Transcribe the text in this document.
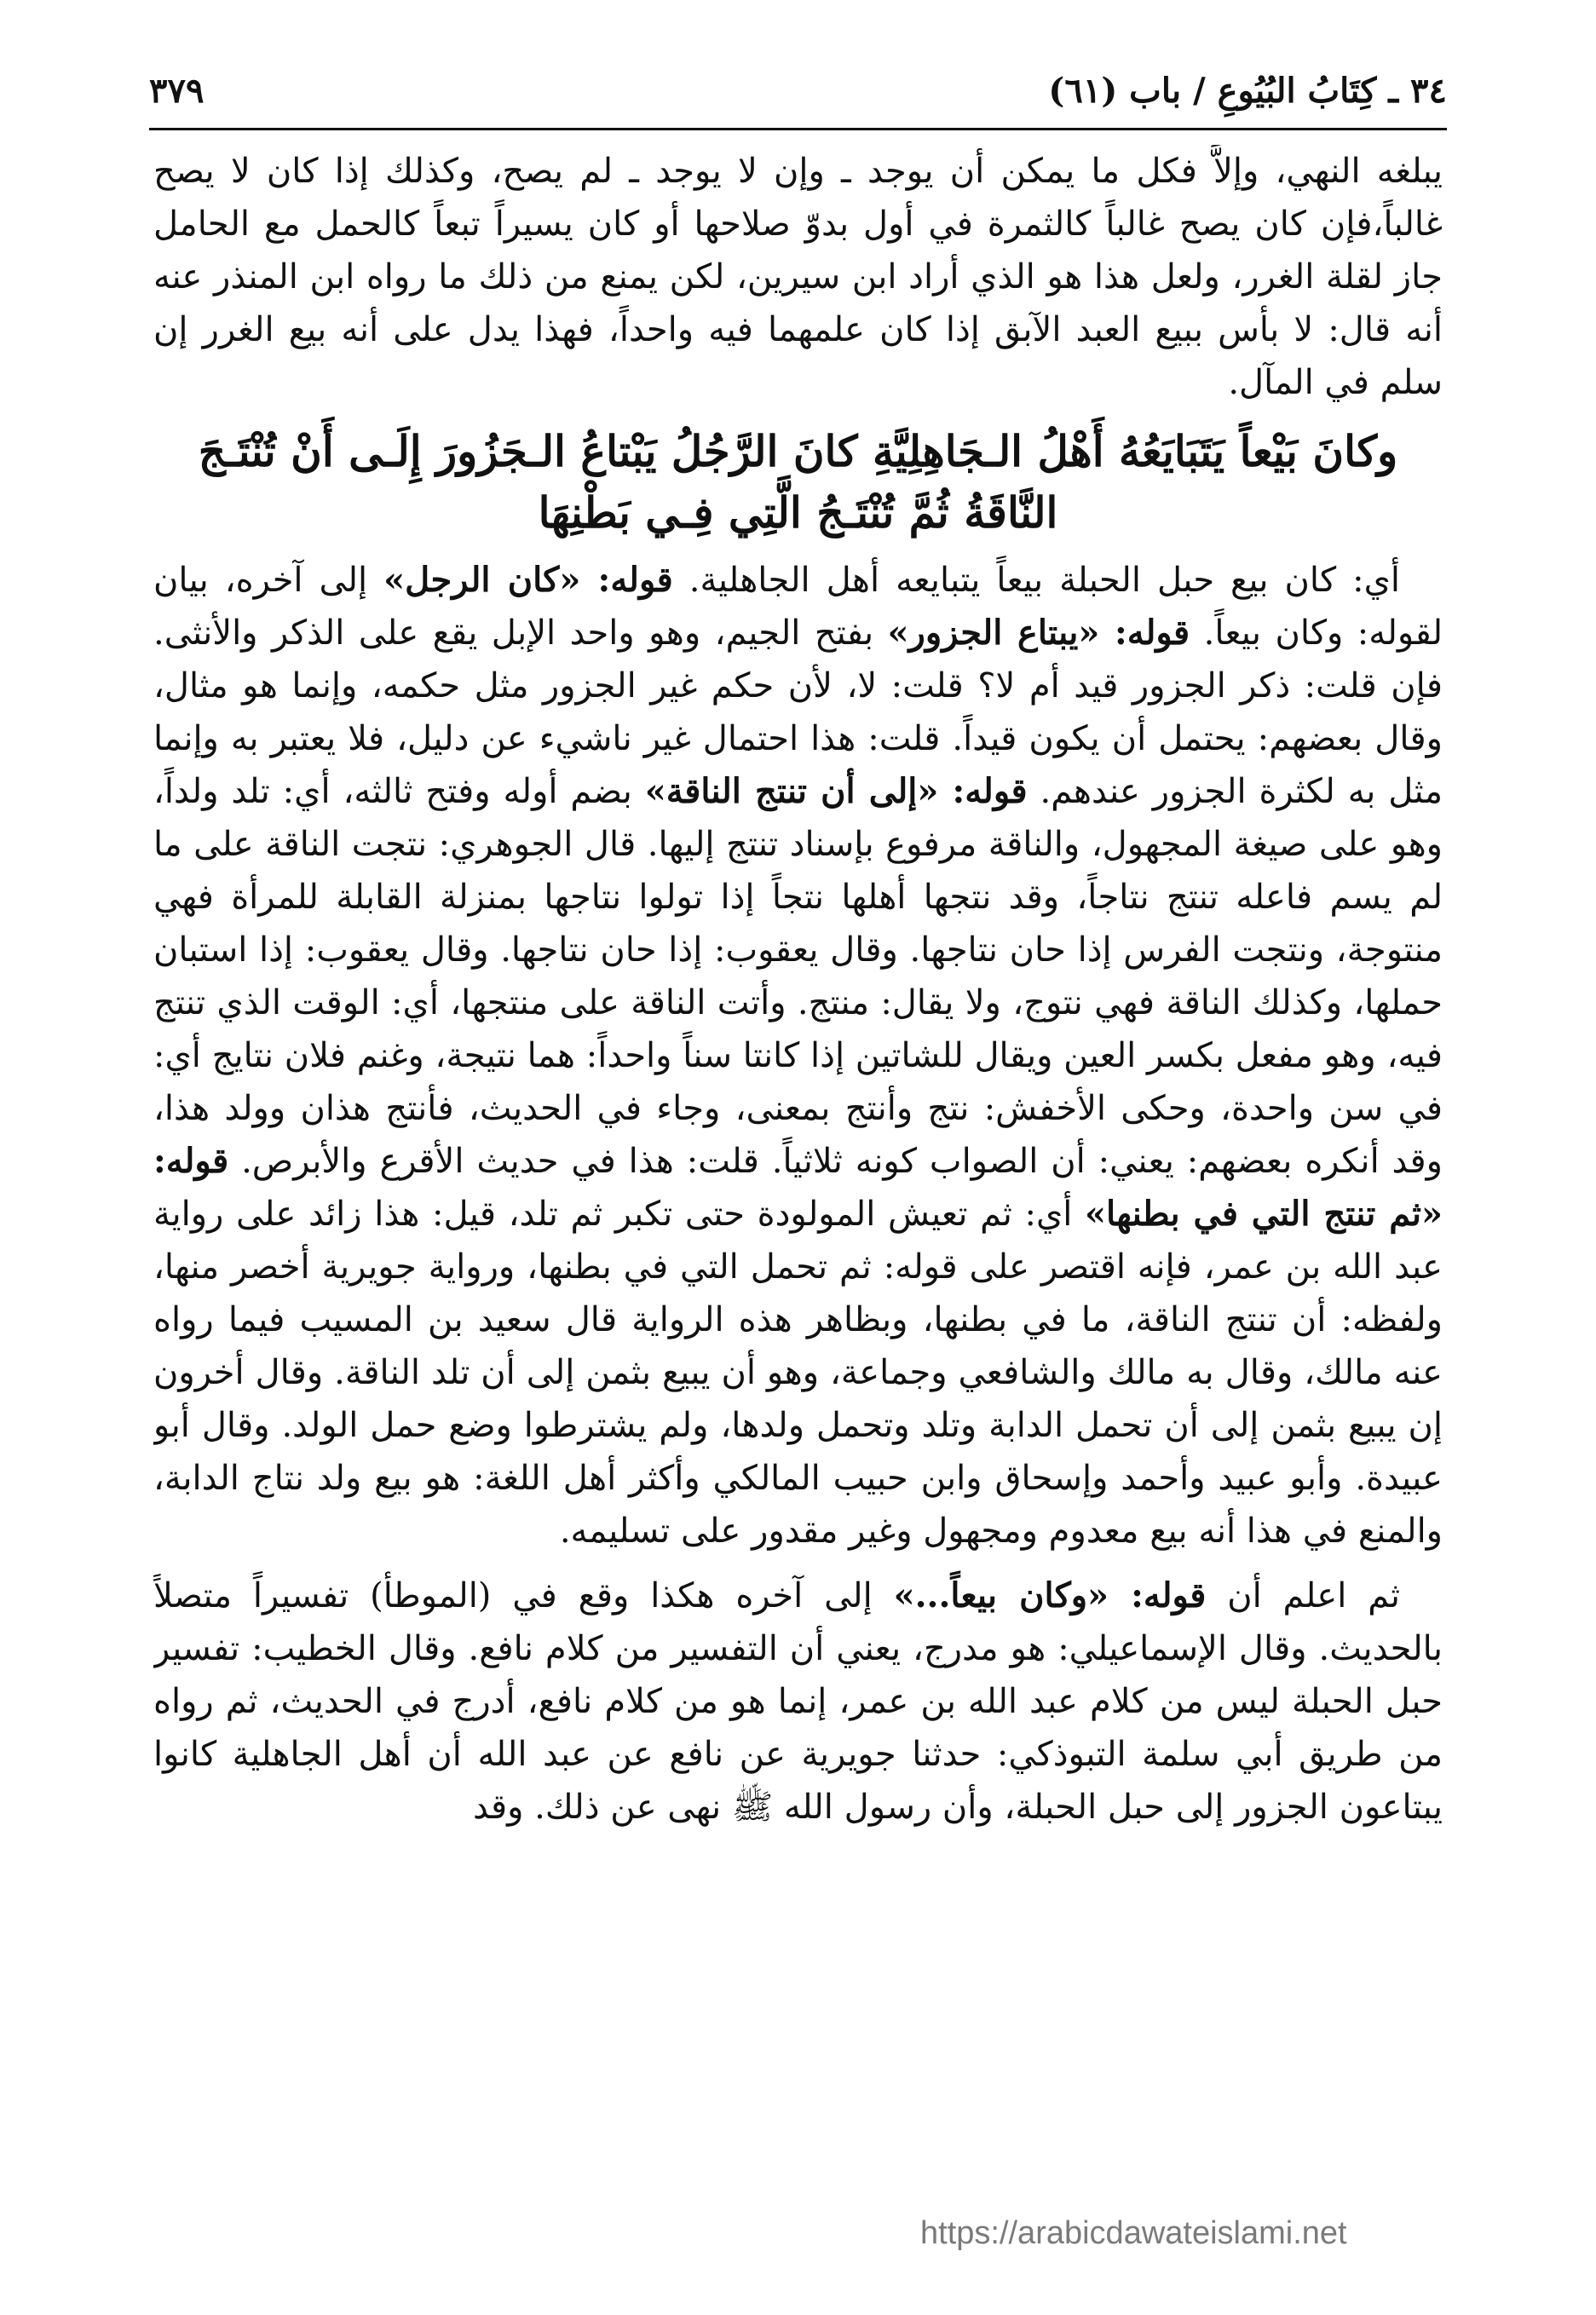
٣٤ ـ كِتَابُ البُيُوعِ / باب (٦١)
٣٧٩

يبلغه النهي، وإلاَّ فكل ما يمكن أن يوجد ـ وإن لا يوجد ـ لم يصح، وكذلك إذا كان لا يصح غالباً،فإن كان يصح غالباً كالثمرة في أول بدوّ صلاحها أو كان يسيراً تبعاً كالحمل مع الحامل جاز لقلة الغرر، ولعل هذا هو الذي أراد ابن سيرين، لكن يمنع من ذلك ما رواه ابن المنذر عنه أنه قال: لا بأس ببيع العبد الآبق إذا كان علمهما فيه واحداً، فهذا يدل على أنه بيع الغرر إن سلم في المآل.

وكانَ بَيْعاً يَتَبَايَعُهُ أَهْلُ الـجَاهِلِيَّةِ كانَ الرَّجُلُ يَبْتاعُ الـجَزُورَ إِلَـى أَنْ تُنْتَـجَ النَّاقَةُ ثُمَّ تُنْتَـجُ الَّتِي فِـي بَطْنِهَا

أي: كان بيع حبل الحبلة بيعاً يتبايعه أهل الجاهلية. قوله: «كان الرجل» إلى آخره، بيان لقوله: وكان بيعاً. قوله: «يبتاع الجزور» بفتح الجيم، وهو واحد الإبل يقع على الذكر والأنثى. فإن قلت: ذكر الجزور قيد أم لا؟ قلت: لا، لأن حكم غير الجزور مثل حكمه، وإنما هو مثال، وقال بعضهم: يحتمل أن يكون قيداً. قلت: هذا احتمال غير ناشيء عن دليل، فلا يعتبر به وإنما مثل به لكثرة الجزور عندهم. قوله: «إلى أن تنتج الناقة» بضم أوله وفتح ثالثه، أي: تلد ولداً، وهو على صيغة المجهول، والناقة مرفوع بإسناد تنتج إليها. قال الجوهري: نتجت الناقة على ما لم يسم فاعله تنتج نتاجاً، وقد نتجها أهلها نتجاً إذا تولوا نتاجها بمنزلة القابلة للمرأة فهي منتوجة، ونتجت الفرس إذا حان نتاجها. وقال يعقوب: إذا حان نتاجها. وقال يعقوب: إذا استبان حملها، وكذلك الناقة فهي نتوج، ولا يقال: منتج. وأتت الناقة على منتجها، أي: الوقت الذي تنتج فيه، وهو مفعل بكسر العين ويقال للشاتين إذا كانتا سناً واحداً: هما نتيجة، وغنم فلان نتايج أي: في سن واحدة، وحكى الأخفش: نتج وأنتج بمعنى، وجاء في الحديث، فأنتج هذان وولد هذا، وقد أنكره بعضهم: يعني: أن الصواب كونه ثلاثياً. قلت: هذا في حديث الأقرع والأبرص. قوله: «ثم تنتج التي في بطنها» أي: ثم تعيش المولودة حتى تكبر ثم تلد، قيل: هذا زائد على رواية عبد الله بن عمر، فإنه اقتصر على قوله: ثم تحمل التي في بطنها، ورواية جويرية أخصر منها، ولفظه: أن تنتج الناقة، ما في بطنها، وبظاهر هذه الرواية قال سعيد بن المسيب فيما رواه عنه مالك، وقال به مالك والشافعي وجماعة، وهو أن يبيع بثمن إلى أن تلد الناقة. وقال أخرون إن يبيع بثمن إلى أن تحمل الدابة وتلد وتحمل ولدها، ولم يشترطوا وضع حمل الولد. وقال أبو عبيدة. وأبو عبيد وأحمد وإسحاق وابن حبيب المالكي وأكثر أهل اللغة: هو بيع ولد نتاج الدابة، والمنع في هذا أنه بيع معدوم ومجهول وغير مقدور على تسليمه.

ثم اعلم أن قوله: «وكان بيعاً...» إلى آخره هكذا وقع في (الموطأ) تفسيراً متصلاً بالحديث. وقال الإسماعيلي: هو مدرج، يعني أن التفسير من كلام نافع. وقال الخطيب: تفسير حبل الحبلة ليس من كلام عبد الله بن عمر، إنما هو من كلام نافع، أدرج في الحديث، ثم رواه من طريق أبي سلمة التبوذكي: حدثنا جويرية عن نافع عن عبد الله أن أهل الجاهلية كانوا يبتاعون الجزور إلى حبل الحبلة، وأن رسول الله ﷺ نهى عن ذلك. وقد

https://arabicdawateislami.net
